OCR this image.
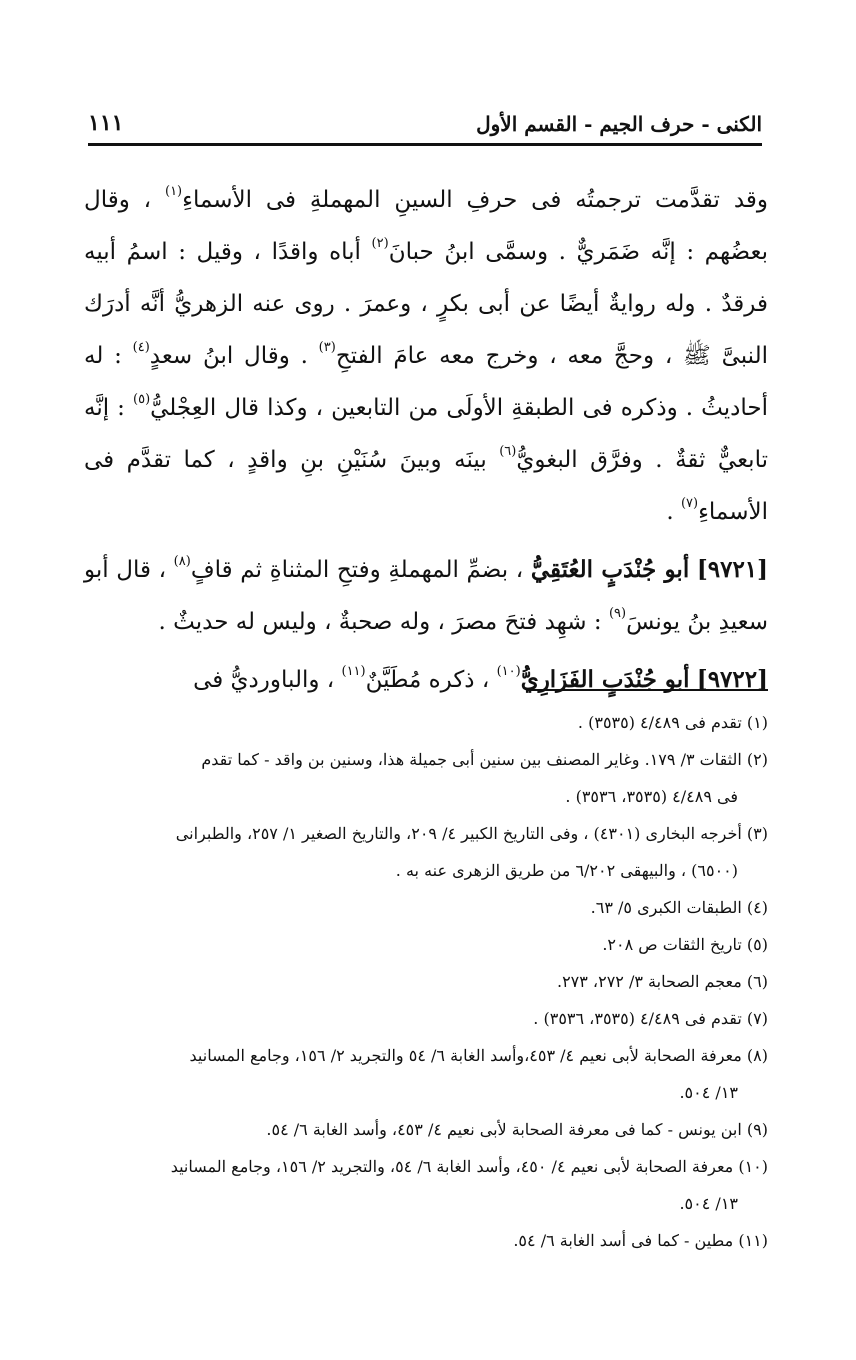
الكنى - حرف الجيم - القسم الأول
١١١

وقد تقدَّمت ترجمتُه فى حرفِ السينِ المهملةِ فى الأسماءِ$^{(١)}$ ، وقال بعضُهم : إنَّه ضَمَريٌّ . وسمَّى ابنُ حبانَ$^{(٢)}$ أباه واقدًا ، وقيل : اسمُ أبيه فرقدٌ . وله روايةٌ أيضًا عن أبى بكرٍ ، وعمرَ . روى عنه الزهريُّ أنَّه أدرَك النبىَّ ﷺ ، وحجَّ معه ، وخرج معه عامَ الفتحِ$^{(٣)}$ . وقال ابنُ سعدٍ$^{(٤)}$ : له أحاديثُ . وذكره فى الطبقةِ الأولَى من التابعين ، وكذا قال العِجْليُّ$^{(٥)}$ : إنَّه تابعيٌّ ثقةٌ . وفرَّق البغويُّ$^{(٦)}$ بينَه وبينَ سُنَيْنِ بنِ واقدٍ ، كما تقدَّم فى الأسماءِ$^{(٧)}$ .

[٩٧٢١] أبو جُنْدَبٍ العُتَقِيُّ ، بضمِّ المهملةِ وفتحِ المثناةِ ثم قافٍ$^{(٨)}$ ، قال أبو سعيدِ بنُ يونسَ$^{(٩)}$ : شهِد فتحَ مصرَ ، وله صحبةٌ ، وليس له حديثٌ .

[٩٧٢٢] أبو جُنْدَبٍ الفَزَارِيُّ$^{(١٠)}$ ، ذكره مُطَيَّنٌ$^{(١١)}$ ، والباورديُّ فى

(١) تقدم فى ٤/٤٨٩ (٣٥٣٥) .

(٢) الثقات ٣/ ١٧٩. وغاير المصنف بين سنين أبى جميلة هذا، وسنين بن واقد - كما تقدم

فى ٤/٤٨٩ (٣٥٣٥، ٣٥٣٦) .

(٣) أخرجه البخارى (٤٣٠١) ، وفى التاريخ الكبير ٤/ ٢٠٩، والتاريخ الصغير ١/ ٢٥٧، والطبرانى

(٦٥٠٠) ، والبيهقى ٦/٢٠٢ من طريق الزهرى عنه به .

(٤) الطبقات الكبرى ٥/ ٦٣.

(٥) تاريخ الثقات ص ٢٠٨.

(٦) معجم الصحابة ٣/ ٢٧٢، ٢٧٣.

(٧) تقدم فى ٤/٤٨٩ (٣٥٣٥، ٣٥٣٦) .

(٨) معرفة الصحابة لأبى نعيم ٤/ ٤٥٣،وأسد الغابة ٦/ ٥٤ والتجريد ٢/ ١٥٦، وجامع المسانيد

١٣/ ٥٠٤.

(٩) ابن يونس - كما فى معرفة الصحابة لأبى نعيم ٤/ ٤٥٣، وأسد الغابة ٦/ ٥٤.

(١٠) معرفة الصحابة لأبى نعيم ٤/ ٤٥٠، وأسد الغابة ٦/ ٥٤، والتجريد ٢/ ١٥٦، وجامع المسانيد

١٣/ ٥٠٤.

(١١) مطين - كما فى أسد الغابة ٦/ ٥٤.
